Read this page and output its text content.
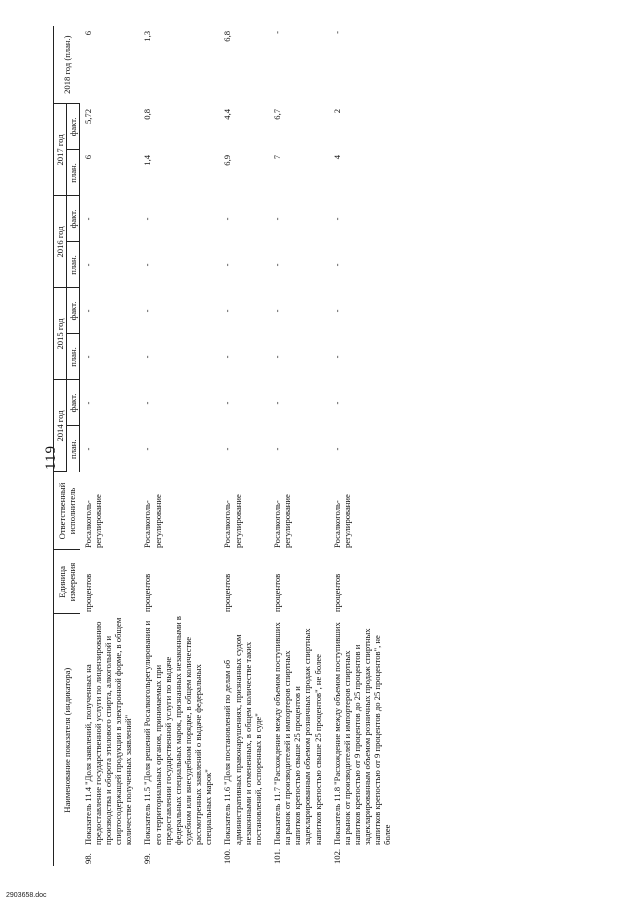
119
Наименование показателя (индикатора)	Единица измерения	Ответственный исполнитель	2014 год		2015 год		2016 год		2017 год		2018 год (план.)
			план.	факт.	план.	факт.	план.	факт.	план.	факт.	

98.
Показатель 11.4 "Доля заявлений, полученных на предоставление государственной услуги по лицензированию производства и оборота этилового спирта, алкогольной и спиртосодержащей продукции в электронной форме, в общем количестве полученных заявлений"	процентов	Росалкоголь-регулирование	-	-	-	-	-	-	6	5,72	6

99.
Показатель 11.5 "Доля решений Росалкогольрегулирования и его территориальных органов, принимаемых при предоставлении государственной услуги по выдаче федеральных специальных марок, признанных незаконными в судебном или внесудебном порядке, в общем количестве рассмотренных заявлений о выдаче федеральных специальных марок"	процентов	Росалкоголь-регулирование	-	-	-	-	-	-	1,4	0,8	1,3

100.
Показатель 11.6 "Доля постановлений по делам об административных правонарушениях, признанных судом незаконными и отмененных, в общем количестве таких постановлений, оспоренных в суде"	процентов	Росалкоголь-регулирование	-	-	-	-	-	-	6,9	4,4	6,8

101.
Показатель 11.7 "Расхождение между объемом поступивших на рынок от производителей и импортеров спиртных напитков крепостью свыше 25 процентов и задекларированным объемом розничных продаж спиртных напитков крепостью свыше 25 процентов", не более	процентов	Росалкоголь-регулирование	-	-	-	-	-	-	7	6,7	-

102.
Показатель 11.8 "Расхождение между объемом поступивших на рынок от производителей и импортеров спиртных напитков крепостью от 9 процентов до 25 процентов и задекларированным объемом розничных продаж спиртных напитков крепостью от 9 процентов до 25 процентов", не более	процентов	Росалкоголь-регулирование	-	-	-	-	-	-	4	2	-
2903658.doc
